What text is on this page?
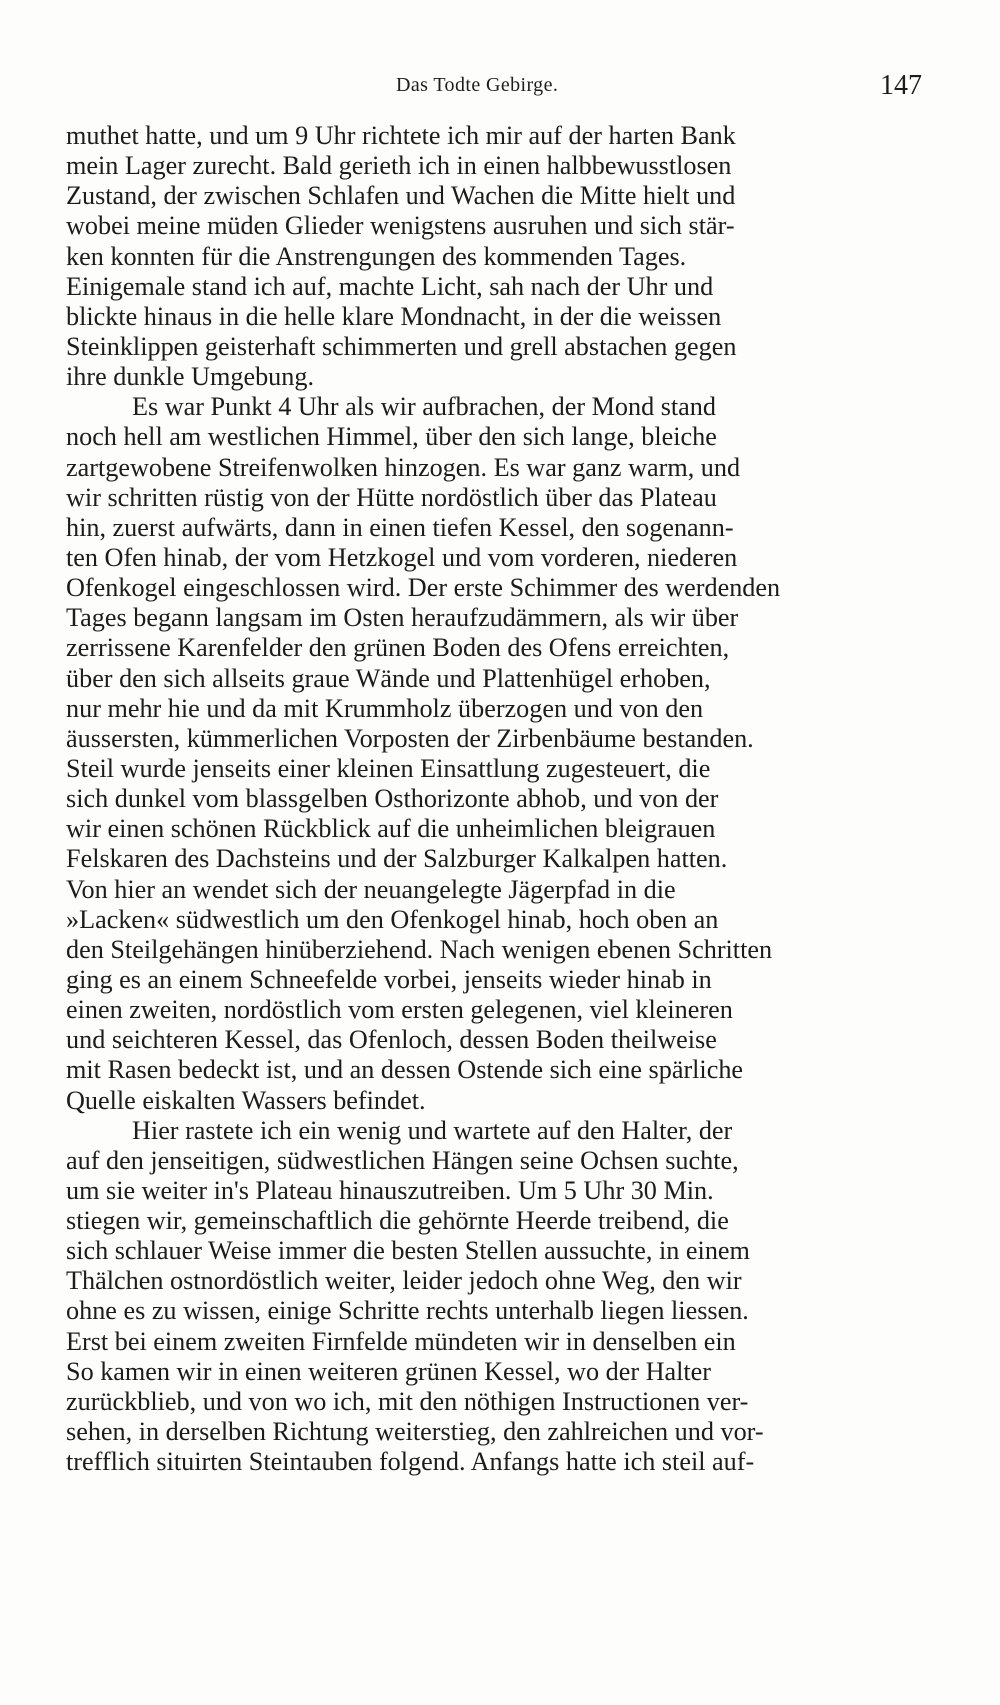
Das Todte Gebirge.	147
muthet hatte, und um 9 Uhr richtete ich mir auf der harten Bank
mein Lager zurecht. Bald gerieth ich in einen halbbewusstlosen
Zustand, der zwischen Schlafen und Wachen die Mitte hielt und
wobei meine müden Glieder wenigstens ausruhen und sich stär-
ken konnten für die Anstrengungen des kommenden Tages.
Einigemale stand ich auf, machte Licht, sah nach der Uhr und
blickte hinaus in die helle klare Mondnacht, in der die weissen
Steinklippen geisterhaft schimmerten und grell abstachen gegen
ihre dunkle Umgebung.
Es war Punkt 4 Uhr als wir aufbrachen, der Mond stand
noch hell am westlichen Himmel, über den sich lange, bleiche
zartgewobene Streifenwolken hinzogen. Es war ganz warm, und
wir schritten rüstig von der Hütte nordöstlich über das Plateau
hin, zuerst aufwärts, dann in einen tiefen Kessel, den sogenann-
ten Ofen hinab, der vom Hetzkogel und vom vorderen, niederen
Ofenkogel eingeschlossen wird. Der erste Schimmer des werdenden
Tages begann langsam im Osten heraufzudämmern, als wir über
zerrissene Karenfelder den grünen Boden des Ofens erreichten,
über den sich allseits graue Wände und Plattenhügel erhoben,
nur mehr hie und da mit Krummholz überzogen und von den
äussersten, kümmerlichen Vorposten der Zirbenbäume bestanden.
Steil wurde jenseits einer kleinen Einsattlung zugesteuert, die
sich dunkel vom blassgelben Osthorizonte abhob, und von der
wir einen schönen Rückblick auf die unheimlichen bleigrauen
Felskaren des Dachsteins und der Salzburger Kalkalpen hatten.
Von hier an wendet sich der neuangelegte Jägerpfad in die
»Lacken« südwestlich um den Ofenkogel hinab, hoch oben an
den Steilgehängen hinüberziehend. Nach wenigen ebenen Schritten
ging es an einem Schneefelde vorbei, jenseits wieder hinab in
einen zweiten, nordöstlich vom ersten gelegenen, viel kleineren
und seichteren Kessel, das Ofenloch, dessen Boden theilweise
mit Rasen bedeckt ist, und an dessen Ostende sich eine spärliche
Quelle eiskalten Wassers befindet.
Hier rastete ich ein wenig und wartete auf den Halter, der
auf den jenseitigen, südwestlichen Hängen seine Ochsen suchte,
um sie weiter in's Plateau hinauszutreiben. Um 5 Uhr 30 Min.
stiegen wir, gemeinschaftlich die gehörnte Heerde treibend, die
sich schlauer Weise immer die besten Stellen aussuchte, in einem
Thälchen ostnordöstlich weiter, leider jedoch ohne Weg, den wir
ohne es zu wissen, einige Schritte rechts unterhalb liegen liessen.
Erst bei einem zweiten Firnfelde mündeten wir in denselben ein
So kamen wir in einen weiteren grünen Kessel, wo der Halter
zurückblieb, und von wo ich, mit den nöthigen Instructionen ver-
sehen, in derselben Richtung weiterstieg, den zahlreichen und vor-
trefflich situirten Steintauben folgend. Anfangs hatte ich steil auf-
